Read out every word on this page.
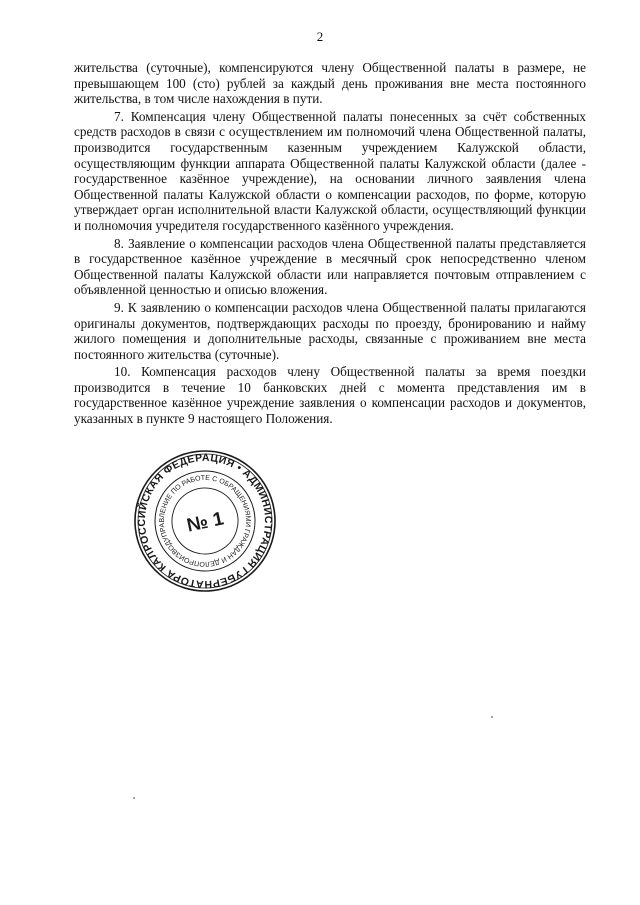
2

жительства (суточные), компенсируются члену Общественной палаты в размере, не превышающем 100 (сто) рублей за каждый день проживания вне места постоянного жительства, в том числе нахождения в пути.

7. Компенсация члену Общественной палаты понесенных за счёт собственных средств расходов в связи с осуществлением им полномочий члена Общественной палаты, производится государственным казенным учреждением Калужской области, осуществляющим функции аппарата Общественной палаты Калужской области (далее - государственное казённое учреждение), на основании личного заявления члена Общественной палаты Калужской области о компенсации расходов, по форме, которую утверждает орган исполнительной власти Калужской области, осуществляющий функции и полномочия учредителя государственного казённого учреждения.

8. Заявление о компенсации расходов члена Общественной палаты представляется в государственное казённое учреждение в месячный срок непосредственно членом Общественной палаты Калужской области или направляется почтовым отправлением с объявленной ценностью и описью вложения.

9. К заявлению о компенсации расходов члена Общественной палаты прилагаются оригиналы документов, подтверждающих расходы по проезду, бронированию и найму жилого помещения и дополнительные расходы, связанные с проживанием вне места постоянного жительства (суточные).

10. Компенсация расходов члену Общественной палаты за время поездки производится в течение 10 банковских дней с момента представления им в государственное казённое учреждение заявления о компенсации расходов и документов, указанных в пункте 9 настоящего Положения.

РОССИЙСКАЯ ФЕДЕРАЦИЯ • АДМИНИСТРАЦИЯ ГУБЕРНАТОРА КАЛУЖСКОЙ
УПРАВЛЕНИЕ ПО РАБОТЕ С ОБРАЩЕНИЯМИ ГРАЖДАН И ДЕЛОПРОИЗВОДСТВУ
№ 1
